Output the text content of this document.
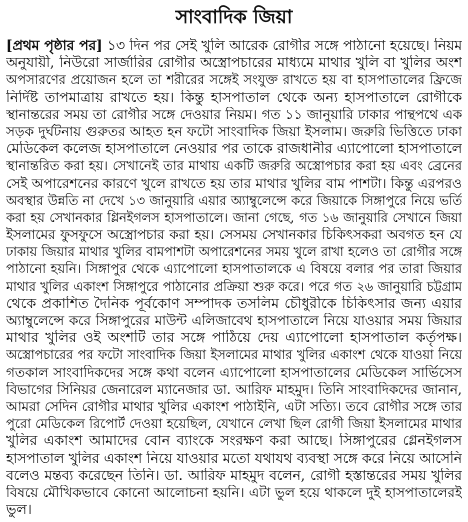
সাংবাদিক জিয়া
[প্রথম পৃষ্ঠার পর] ১৩ দিন পর সেই খুলি আরেক রোগীর সঙ্গে পাঠানো হয়েছে। নিয়ম
অনুযায়ী, নিউরো সার্জারির রোগীর অস্ত্রোপচারের মাধ্যমে মাথার খুলি বা খুলির অংশ
অপসারণের প্রয়োজন হলে তা শরীরের সঙ্গেই সংযুক্ত রাখতে হয় বা হাসপাতালের ফ্রিজে
নির্দিষ্ট তাপমাত্রায় রাখতে হয়। কিন্তু হাসপাতাল থেকে অন্য হাসপাতালে রোগীকে
স্থানান্তরের সময় তা রোগীর সঙ্গে দেওয়ার নিয়ম। গত ১১ জানুয়ারি ঢাকার পান্থপথে এক
সড়ক দুর্ঘটনায় গুরুতর আহত হন ফটো সাংবাদিক জিয়া ইসলাম। জরুরি ভিত্তিতে ঢাকা
মেডিকেল কলেজ হাসপাতালে নেওয়ার পর তাকে রাজধানীর এ্যাপোলো হাসপাতালে
স্থানান্তরিত করা হয়। সেখানেই তার মাথায় একটি জরুরি অস্ত্রোপচার করা হয় এবং ব্রেনের
সেই অপারেশনের কারণে খুলে রাখতে হয় তার মাথার খুলির বাম পাশটা। কিন্তু এরপরও
অবস্থার উন্নতি না দেখে ১৩ জানুয়ারি এয়ার অ্যাম্বুলেন্সে করে জিয়াকে সিঙ্গাপুরে নিয়ে ভর্তি
করা হয় সেখানকার গ্লিনইগলস হাসপাতালে। জানা গেছে, গত ১৬ জানুয়ারি সেখানে জিয়া
ইসলামের ফুসফুসে অস্ত্রোপচার করা হয়। সেসময় সেখানকার চিকিৎসকরা অবগত হন যে
ঢাকায় জিয়ার মাথার খুলির বামপাশটা অপারেশনের সময় খুলে রাখা হলেও তা রোগীর সঙ্গে
পাঠানো হয়নি। সিঙ্গাপুর থেকে এ্যাপোলো হাসপাতালকে এ বিষয়ে বলার পর তারা জিয়ার
মাথার খুলির একাংশ সিঙ্গাপুরে পাঠানোর প্রক্রিয়া শুরু করে। পরে গত ২৬ জানুয়ারি চট্টগ্রাম
থেকে প্রকাশিত দৈনিক পূর্বকোণ সম্পাদক তসলিম চৌধুরীকে চিকিৎসার জন্য এয়ার
অ্যাম্বুলেন্সে করে সিঙ্গাপুরের মাউন্ট এলিজাবেথ হাসপাতালে নিয়ে যাওয়ার সময় জিয়ার
মাথার খুলির ওই অংশটি তার সঙ্গে পাঠিয়ে দেয় এ্যাপোলো হাসপাতাল কর্তৃপক্ষ।
অস্ত্রোপচারের পর ফটো সাংবাদিক জিয়া ইসলামের মাথার খুলির একাংশ থেকে যাওয়া নিয়ে
গতকাল সাংবাদিকদের সঙ্গে কথা বলেন এ্যাপোলো হাসপাতালের মেডিকেল সার্ভিসেস
বিভাগের সিনিয়র জেনারেল ম্যানেজার ডা. আরিফ মাহমুদ। তিনি সাংবাদিকদের জানান,
আমরা সেদিন রোগীর মাথার খুলির একাংশ পাঠাইনি, এটা সত্যি। তবে রোগীর সঙ্গে তার
পুরো মেডিকেল রিপোর্ট দেওয়া হয়েছিল, যেখানে লেখা ছিল রোগী জিয়া ইসলামের মাথার
খুলির একাংশ আমাদের বোন ব্যাংকে সংরক্ষণ করা আছে। সিঙ্গাপুরের গ্লেনইগলস
হাসপাতাল খুলির একাংশ নিয়ে যাওয়ার মতো যথাযথ ব্যবস্থা সঙ্গে করে নিয়ে আসেনি
বলেও মন্তব্য করেছেন তিনি। ডা. আরিফ মাহমুদ বলেন, রোগী হস্তান্তরের সময় খুলির
বিষয়ে মৌখিকভাবে কোনো আলোচনা হয়নি। এটা ভুল হয়ে থাকলে দুই হাসপাতালেরই
ভুল।
